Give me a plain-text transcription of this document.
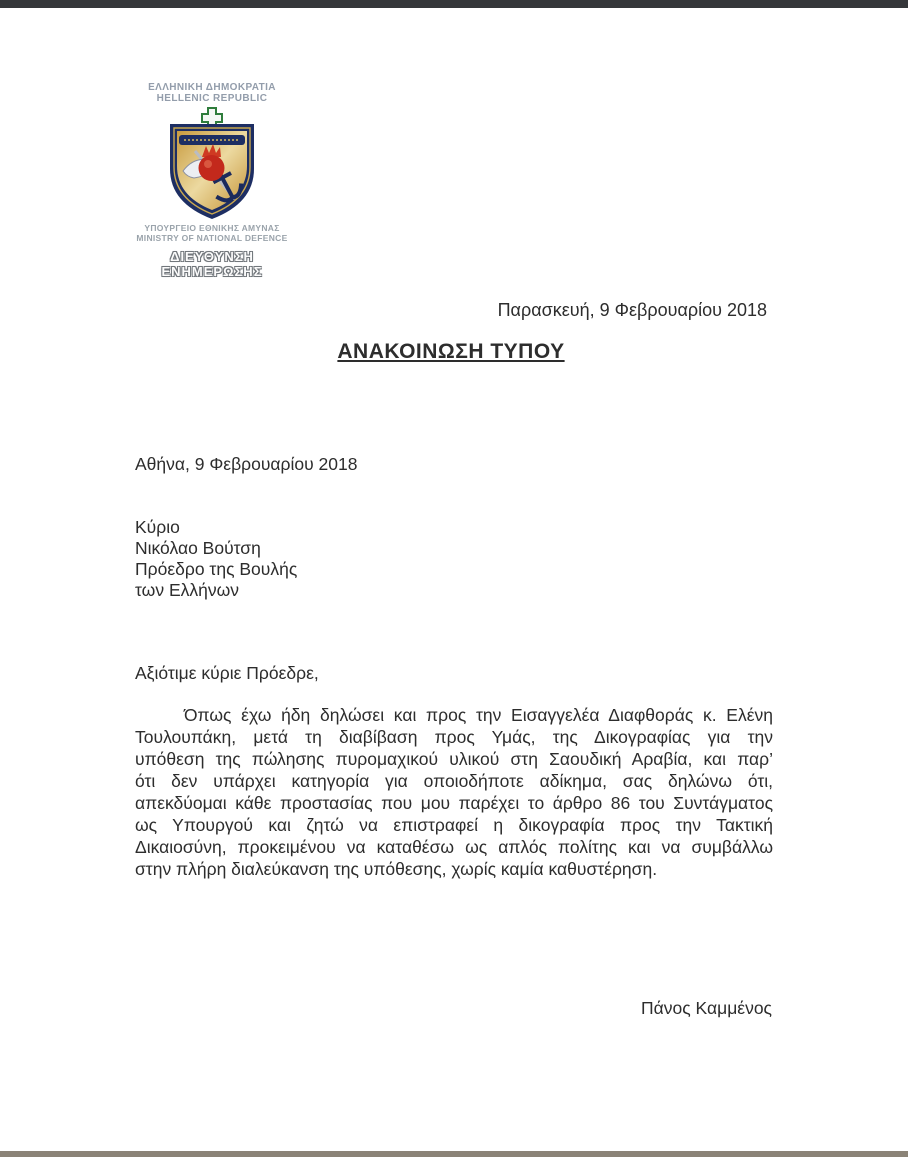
ΕΛΛΗΝΙΚΗ ΔΗΜΟΚΡΑΤΙΑ
HELLENIC REPUBLIC
ΥΠΟΥΡΓΕΙΟ ΕΘΝΙΚΗΣ ΑΜΥΝΑΣ
MINISTRY OF NATIONAL DEFENCE
ΔΙΕΥΘΥΝΣΗ ΕΝΗΜΕΡΩΣΗΣ
Παρασκευή, 9 Φεβρουαρίου 2018
ΑΝΑΚΟΙΝΩΣΗ ΤΥΠΟΥ
Αθήνα, 9 Φεβρουαρίου 2018
Κύριο
Νικόλαο Βούτση
Πρόεδρο της Βουλής
των Ελλήνων
Αξιότιμε κύριε Πρόεδρε,
Όπως έχω ήδη δηλώσει και προς την Εισαγγελέα Διαφθοράς κ. Ελένη
Τουλουπάκη, μετά τη διαβίβαση προς Υμάς, της Δικογραφίας για την
υπόθεση της πώλησης πυρομαχικού υλικού στη Σαουδική Αραβία, και παρ’
ότι δεν υπάρχει κατηγορία για οποιοδήποτε αδίκημα, σας δηλώνω ότι,
απεκδύομαι κάθε προστασίας που μου παρέχει το άρθρο 86 του Συντάγματος
ως Υπουργού και ζητώ να επιστραφεί η δικογραφία προς την Τακτική
Δικαιοσύνη, προκειμένου να καταθέσω ως απλός πολίτης και να συμβάλλω
στην πλήρη διαλεύκανση της υπόθεσης, χωρίς καμία καθυστέρηση.
Πάνος Καμμένος
